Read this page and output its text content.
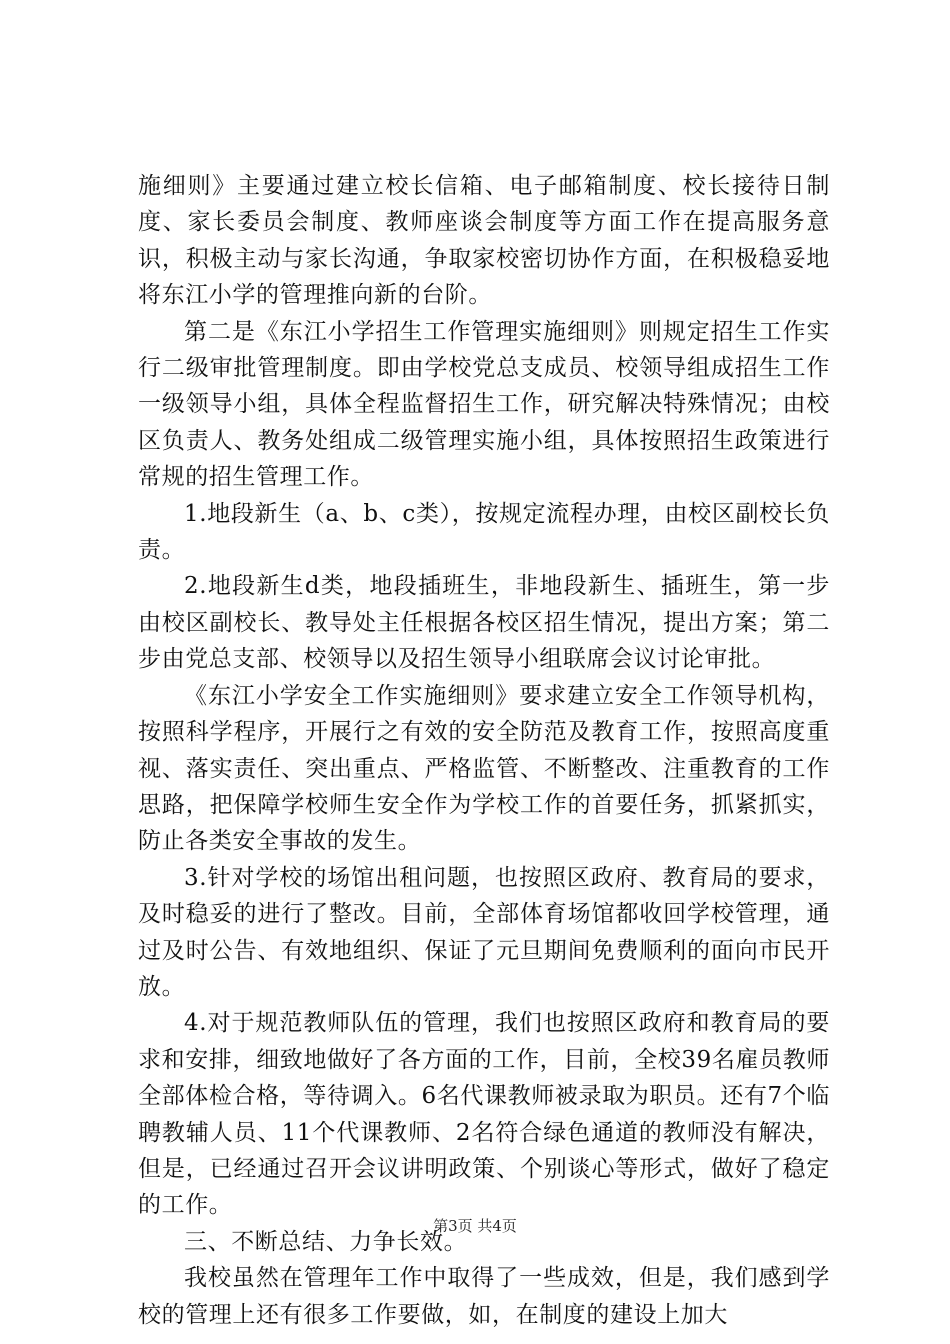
施细则》主要通过建立校长信箱、电子邮箱制度、校长接待日制度、家长委员会制度、教师座谈会制度等方面工作在提高服务意识，积极主动与家长沟通，争取家校密切协作方面，在积极稳妥地将东江小学的管理推向新的台阶。

第二是《东江小学招生工作管理实施细则》则规定招生工作实行二级审批管理制度。即由学校党总支成员、校领导组成招生工作一级领导小组，具体全程监督招生工作，研究解决特殊情况；由校区负责人、教务处组成二级管理实施小组，具体按照招生政策进行常规的招生管理工作。

1.地段新生（a、b、c类），按规定流程办理，由校区副校长负责。

2.地段新生d类，地段插班生，非地段新生、插班生，第一步由校区副校长、教导处主任根据各校区招生情况，提出方案；第二步由党总支部、校领导以及招生领导小组联席会议讨论审批。

《东江小学安全工作实施细则》要求建立安全工作领导机构，按照科学程序，开展行之有效的安全防范及教育工作，按照高度重视、落实责任、突出重点、严格监管、不断整改、注重教育的工作思路，把保障学校师生安全作为学校工作的首要任务，抓紧抓实，防止各类安全事故的发生。

3.针对学校的场馆出租问题，也按照区政府、教育局的要求，及时稳妥的进行了整改。目前，全部体育场馆都收回学校管理，通过及时公告、有效地组织、保证了元旦期间免费顺利的面向市民开放。

4.对于规范教师队伍的管理，我们也按照区政府和教育局的要求和安排，细致地做好了各方面的工作，目前，全校39名雇员教师全部体检合格，等待调入。6名代课教师被录取为职员。还有7个临聘教辅人员、11个代课教师、2名符合绿色通道的教师没有解决，但是，已经通过召开会议讲明政策、个别谈心等形式，做好了稳定的工作。

三、不断总结、力争长效。

我校虽然在管理年工作中取得了一些成效，但是，我们感到学校的管理上还有很多工作要做，如，在制度的建设上加大

第3页 共4页
